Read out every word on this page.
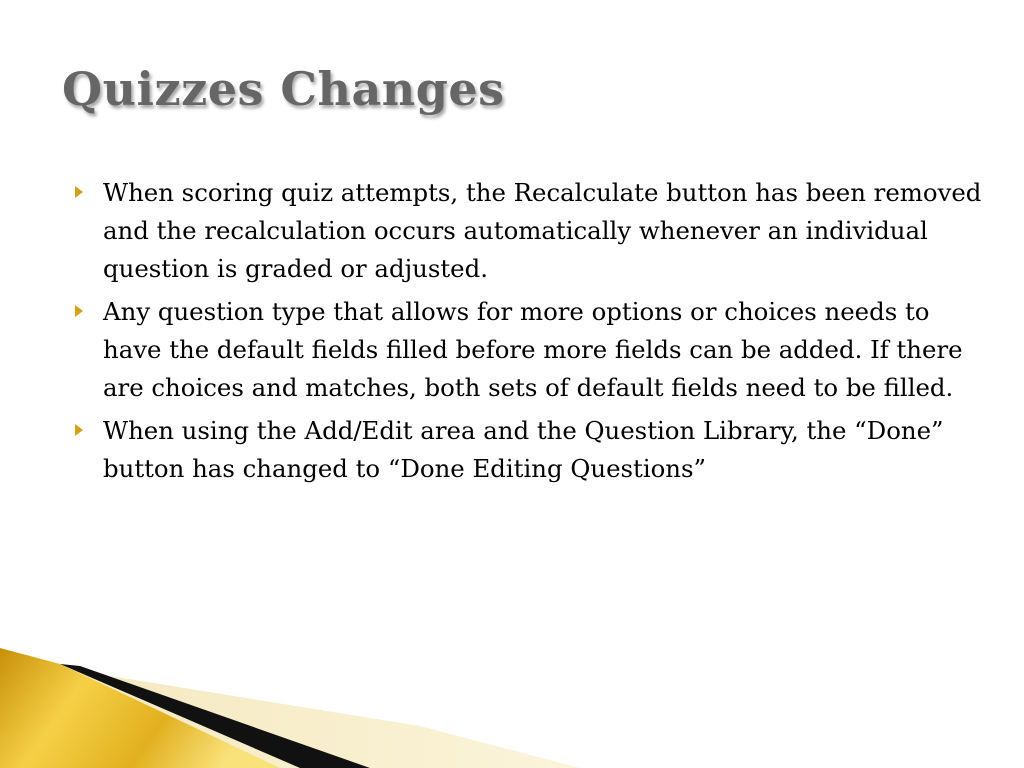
Quizzes Changes
When scoring quiz attempts, the Recalculate button has been removed and the recalculation occurs automatically whenever an individual question is graded or adjusted.
Any question type that allows for more options or choices needs to have the default fields filled before more fields can be added. If there are choices and matches, both sets of default fields need to be filled.
When using the Add/Edit area and the Question Library, the “Done” button has changed to “Done Editing Questions”
